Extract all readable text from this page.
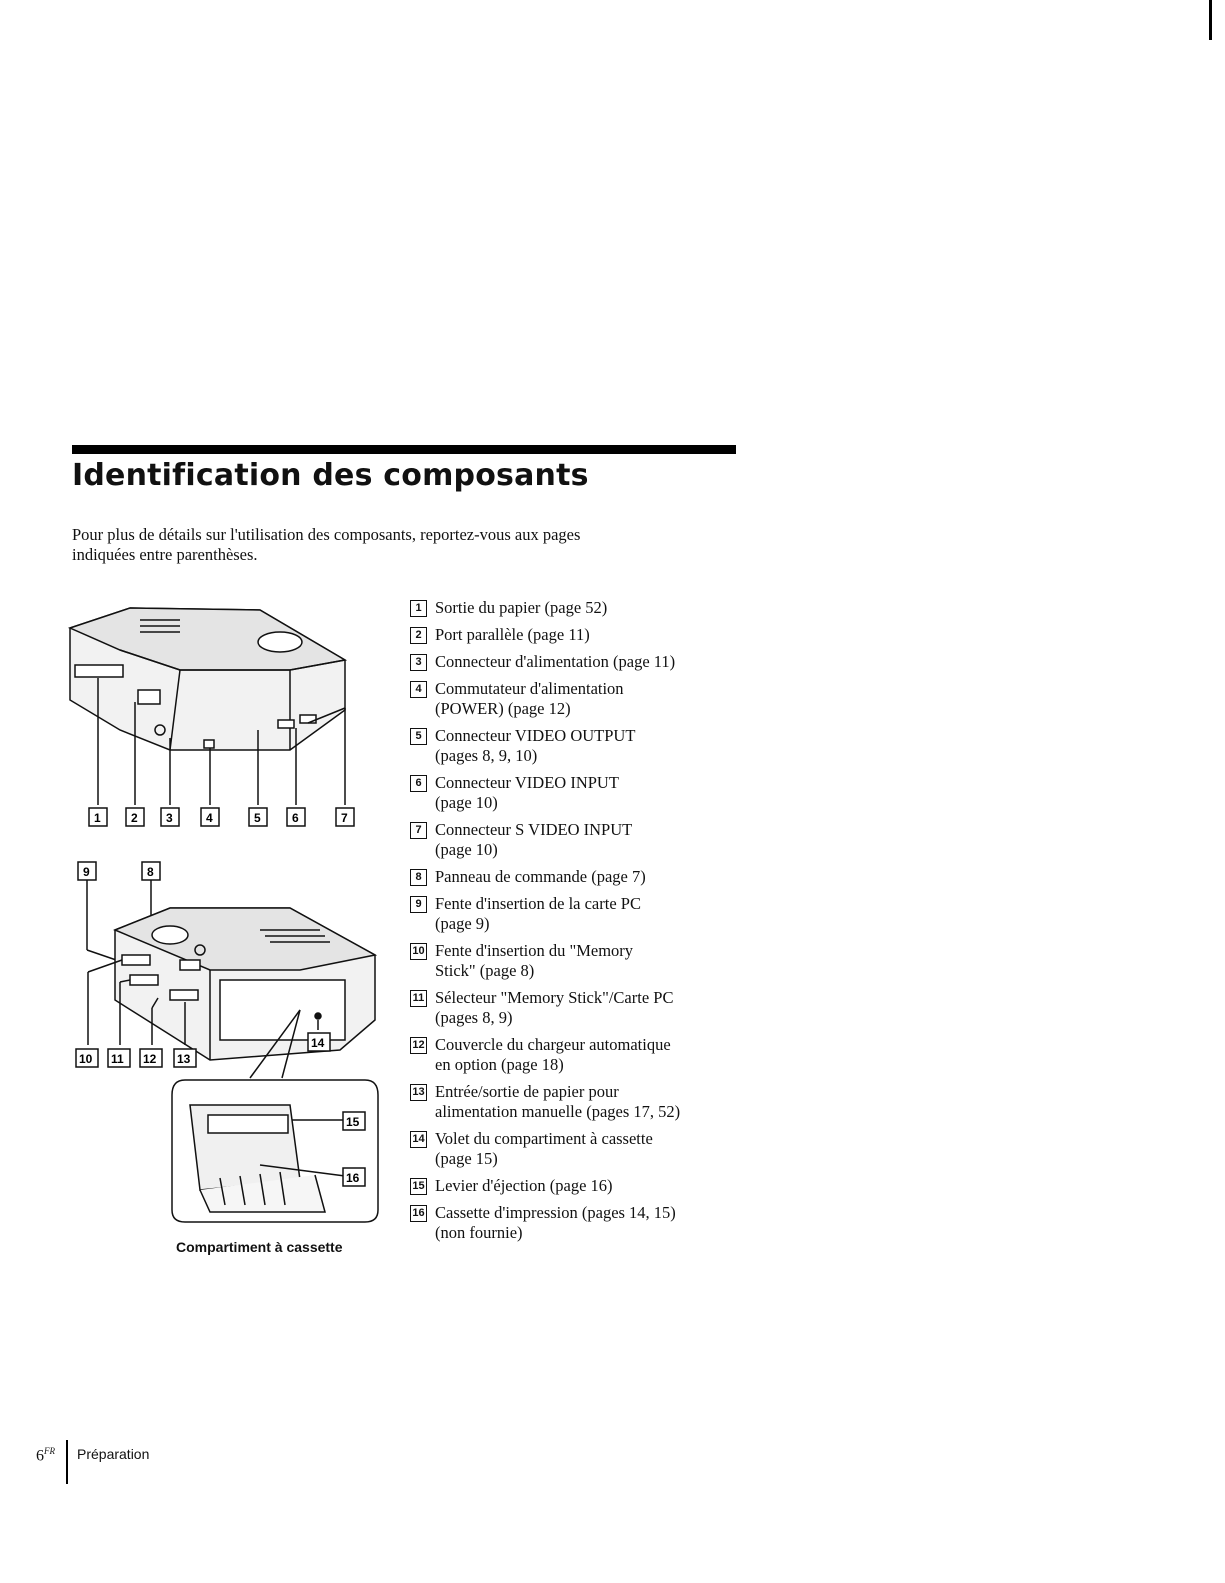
Identification des composants

Pour plus de détails sur l'utilisation des composants, reportez-vous aux pages

indiquées entre parenthèses.

1	2 3	4	5	6	7
9	8
10 11 12 13
14
15
16
Compartiment à cassette
1 Sortie du papier (page 52)
2 Port parallèle (page 11)
3 Connecteur d'alimentation (page 11)
4 Commutateur d'alimentation
(POWER) (page 12)
5 Connecteur VIDEO OUTPUT
(pages 8, 9, 10)
6 Connecteur VIDEO INPUT
(page 10)
7 Connecteur S VIDEO INPUT
(page 10)
8 Panneau de commande (page 7)
9 Fente d'insertion de la carte PC
(page 9)
10 Fente d'insertion du "Memory
Stick" (page 8)
11 Sélecteur "Memory Stick"/Carte PC
(pages 8, 9)
12 Couvercle du chargeur automatique
en option (page 18)
13 Entrée/sortie de papier pour
alimentation manuelle (pages 17, 52)
14 Volet du compartiment à cassette
(page 15)
15 Levier d'éjection (page 16)
16 Cassette d'impression (pages 14, 15)
(non fournie)
$6^{FR}$ Préparation
